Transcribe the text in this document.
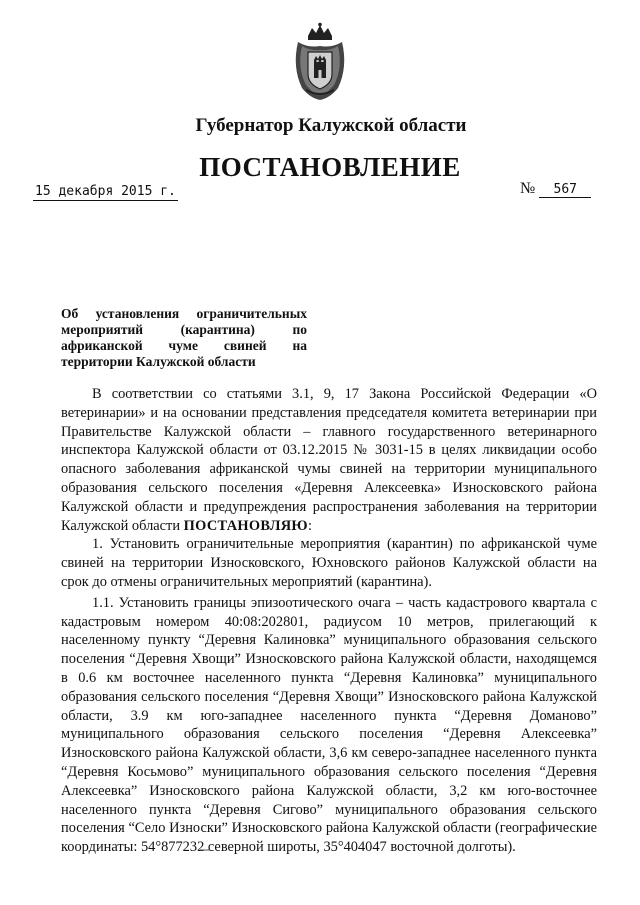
Губернатор Калужской области
ПОСТАНОВЛЕНИЕ
15 декабря 2015 г.	№ 567
Об установления ограничительных
мероприятий (карантина) по
африканской чуме свиней на
территории Калужской области

В соответствии со статьями 3.1, 9, 17 Закона Российской Федерации «О ветеринарии» и на основании представления председателя комитета ветеринарии при Правительстве Калужской области – главного государственного ветеринарного инспектора Калужской области от 03.12.2015 № 3031-15 в целях ликвидации особо опасного заболевания африканской чумы свиней на территории муниципального образования сельского поселения «Деревня Алексеевка» Износковского района Калужской области и предупреждения распространения заболевания на территории Калужской области ПОСТАНОВЛЯЮ:

1. Установить ограничительные мероприятия (карантин) по африканской чуме свиней на территории Износковского, Юхновского районов Калужской области на срок до отмены ограничительных мероприятий (карантина).

1.1. Установить границы эпизоотического очага – часть кадастрового квартала с кадастровым номером 40:08:202801, радиусом 10 метров, прилегающий к населенному пункту “Деревня Калиновка” муниципального образования сельского поселения “Деревня Хвощи” Износковского района Калужской области, находящемся в 0.6 км восточнее населенного пункта “Деревня Калиновка” муниципального образования сельского поселения “Деревня Хвощи” Износковского района Калужской области, 3.9 км юго-западнее населенного пункта “Деревня Доманово” муниципального образования сельского поселения “Деревня Алексеевка” Износковского района Калужской области, 3,6 км северо-западнее населенного пункта “Деревня Косьмово” муниципального образования сельского поселения “Деревня Алексеевка” Износковского района Калужской области, 3,2 км юго-восточнее населенного пункта “Деревня Сигово” муниципального образования сельского поселения “Село Износки” Износковского района Калужской области (географические координаты: 54°877232 северной широты, 35°404047 восточной долготы).
